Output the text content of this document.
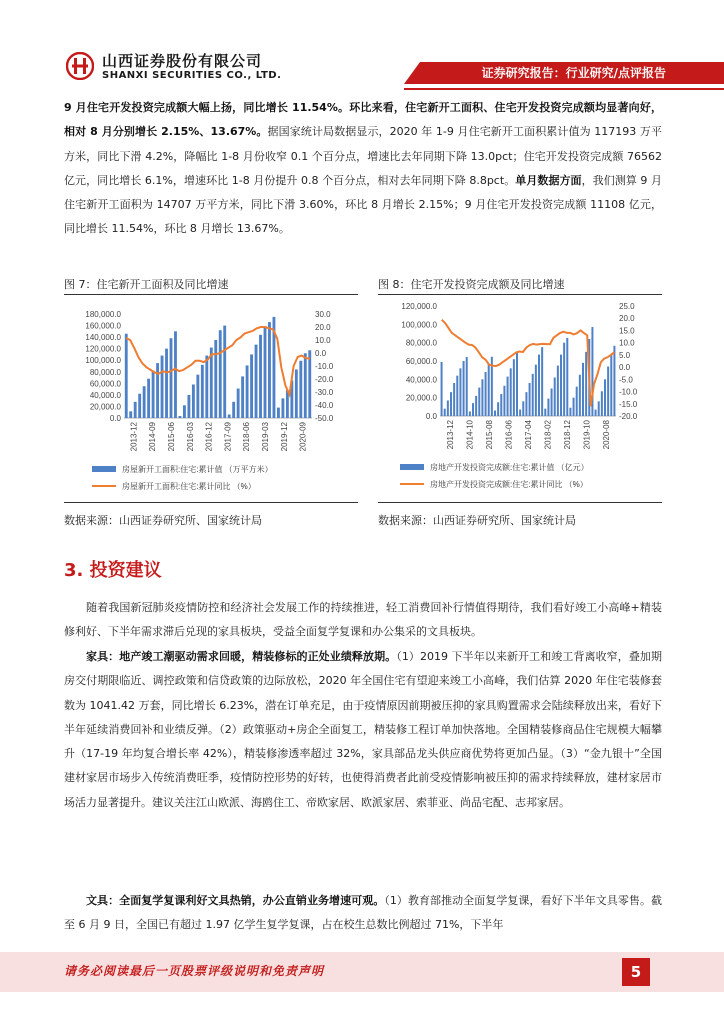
山西证券股份有限公司
SHANXI SECURITIES CO., LTD.	证券研究报告：行业研究/点评报告
9 月住宅开发投资完成额大幅上扬，同比增长 11.54%。环比来看，住宅新开工面积、住宅开发投资完成额均显著向好，相对 8 月分别增长 2.15%、13.67%。据国家统计局数据显示，2020 年 1-9 月住宅新开工面积累计值为 117193 万平方米，同比下滑 4.2%，降幅比 1-8 月份收窄 0.1 个百分点，增速比去年同期下降 13.0pct；住宅开发投资完成额 76562 亿元，同比增长 6.1%，增速环比 1-8 月份提升 0.8 个百分点，相对去年同期下降 8.8pct。单月数据方面，我们测算 9 月住宅新开工面积为 14707 万平方米，同比下滑 3.60%，环比 8 月增长 2.15%；9 月住宅开发投资完成额 11108 亿元，同比增长 11.54%，环比 8 月增长 13.67%。
图 7：住宅新开工面积及同比增速
180,000.0
160,000.0
140,000.0
120,000.0
100,000.0
80,000.0
60,000.0
40,000.0
20,000.0
0.0
30.0
20.0
10.0
0.0
-10.0
-20.0
-30.0
-40.0
-50.0
2013-12 2014-09 2015-06 2016-03 2016-12 2017-09 2018-06 2019-03 2019-12 2020-09
房屋新开工面积:住宅:累计值 （万平方米）
房屋新开工面积:住宅:累计同比 （%）
数据来源：山西证券研究所、国家统计局
图 8：住宅开发投资完成额及同比增速
120,000.0
100,000.0
80,000.0
60,000.0
40,000.0
20,000.0
0.0
25.0
20.0
15.0
10.0
5.0
0.0
-5.0
-10.0
-15.0
-20.0
2013-12 2014-10 2015-08 2016-06 2017-04 2018-02 2018-12 2019-10 2020-08
房地产开发投资完成额:住宅:累计值 （亿元）
房地产开发投资完成额:住宅:累计同比 （%）
数据来源：山西证券研究所、国家统计局
3. 投资建议
随着我国新冠肺炎疫情防控和经济社会发展工作的持续推进，轻工消费回补行情值得期待，我们看好竣工小高峰+精装修利好、下半年需求滞后兑现的家具板块，受益全面复学复课和办公集采的文具板块。
家具：地产竣工潮驱动需求回暖，精装修标的正处业绩释放期。（1）2019 下半年以来新开工和竣工背离收窄，叠加期房交付期限临近、调控政策和信贷政策的边际放松，2020 年全国住宅有望迎来竣工小高峰，我们估算 2020 年住宅装修套数为 1041.42 万套，同比增长 6.23%，潜在订单充足，由于疫情原因前期被压抑的家具购置需求会陆续释放出来，看好下半年延续消费回补和业绩反弹。（2）政策驱动+房企全面复工，精装修工程订单加快落地。全国精装修商品住宅规模大幅攀升（17-19 年均复合增长率 42%），精装修渗透率超过 32%，家具部品龙头供应商优势将更加凸显。（3）“金九银十”全国建材家居市场步入传统消费旺季，疫情防控形势的好转，也使得消费者此前受疫情影响被压抑的需求持续释放，建材家居市场活力显著提升。建议关注江山欧派、海鸥住工、帝欧家居、欧派家居、索菲亚、尚品宅配、志邦家居。
文具：全面复学复课利好文具热销，办公直销业务增速可观。（1）教育部推动全面复学复课，看好下半年文具零售。截至 6 月 9 日，全国已有超过 1.97 亿学生复学复课，占在校生总数比例超过 71%，下半年
请务必阅读最后一页股票评级说明和免责声明	5
